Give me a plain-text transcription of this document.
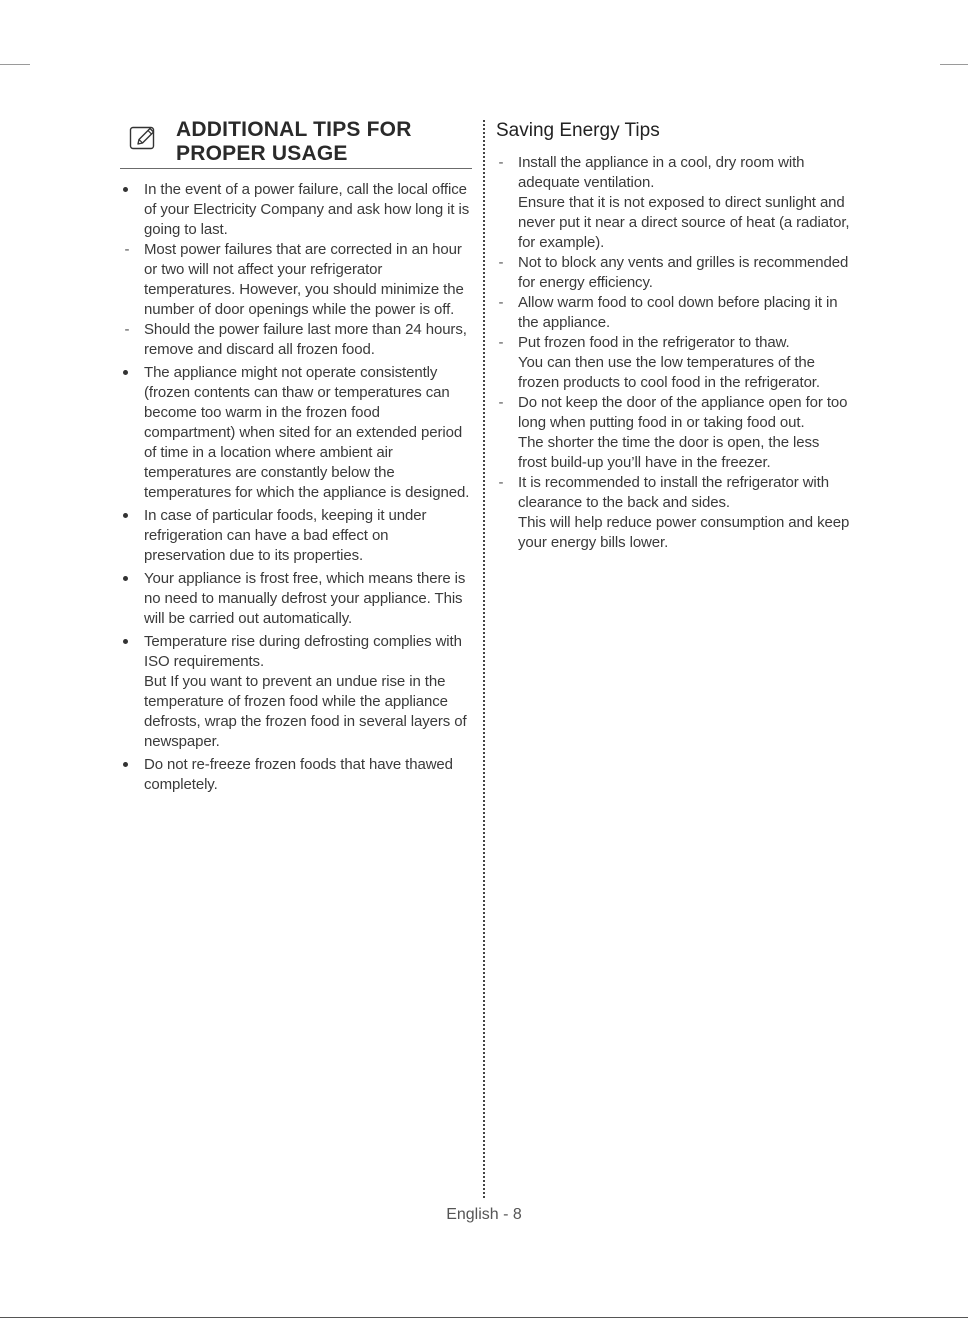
ADDITIONAL TIPS FOR
PROPER USAGE
In the event of a power failure, call the local office of your Electricity Company and ask how long it is going to last.
- Most power failures that are corrected in an hour or two will not affect your refrigerator temperatures. However, you should minimize the number of door openings while the power is off.
- Should the power failure last more than 24 hours, remove and discard all frozen food.
The appliance might not operate consistently (frozen contents can thaw or temperatures can become too warm in the frozen food compartment) when sited for an extended period of time in a location where ambient air temperatures are constantly below the temperatures for which the appliance is designed.
In case of particular foods, keeping it under refrigeration can have a bad effect on preservation due to its properties.
Your appliance is frost free, which means there is no need to manually defrost your appliance. This will be carried out automatically.
Temperature rise during defrosting complies with ISO requirements.
But If you want to prevent an undue rise in the temperature of frozen food while the appliance defrosts, wrap the frozen food in several layers of newspaper.
Do not re-freeze frozen foods that have thawed completely.
Saving Energy Tips
- Install the appliance in a cool, dry room with adequate ventilation.
Ensure that it is not exposed to direct sunlight and never put it near a direct source of heat (a radiator, for example).
- Not to block any vents and grilles is recommended for energy efficiency.
- Allow warm food to cool down before placing it in the appliance.
- Put frozen food in the refrigerator to thaw.
You can then use the low temperatures of the frozen products to cool food in the refrigerator.
- Do not keep the door of the appliance open for too long when putting food in or taking food out.
The shorter the time the door is open, the less frost build-up you’ll have in the freezer.
- It is recommended to install the refrigerator with clearance to the back and sides.
This will help reduce power consumption and keep your energy bills lower.
English - 8
